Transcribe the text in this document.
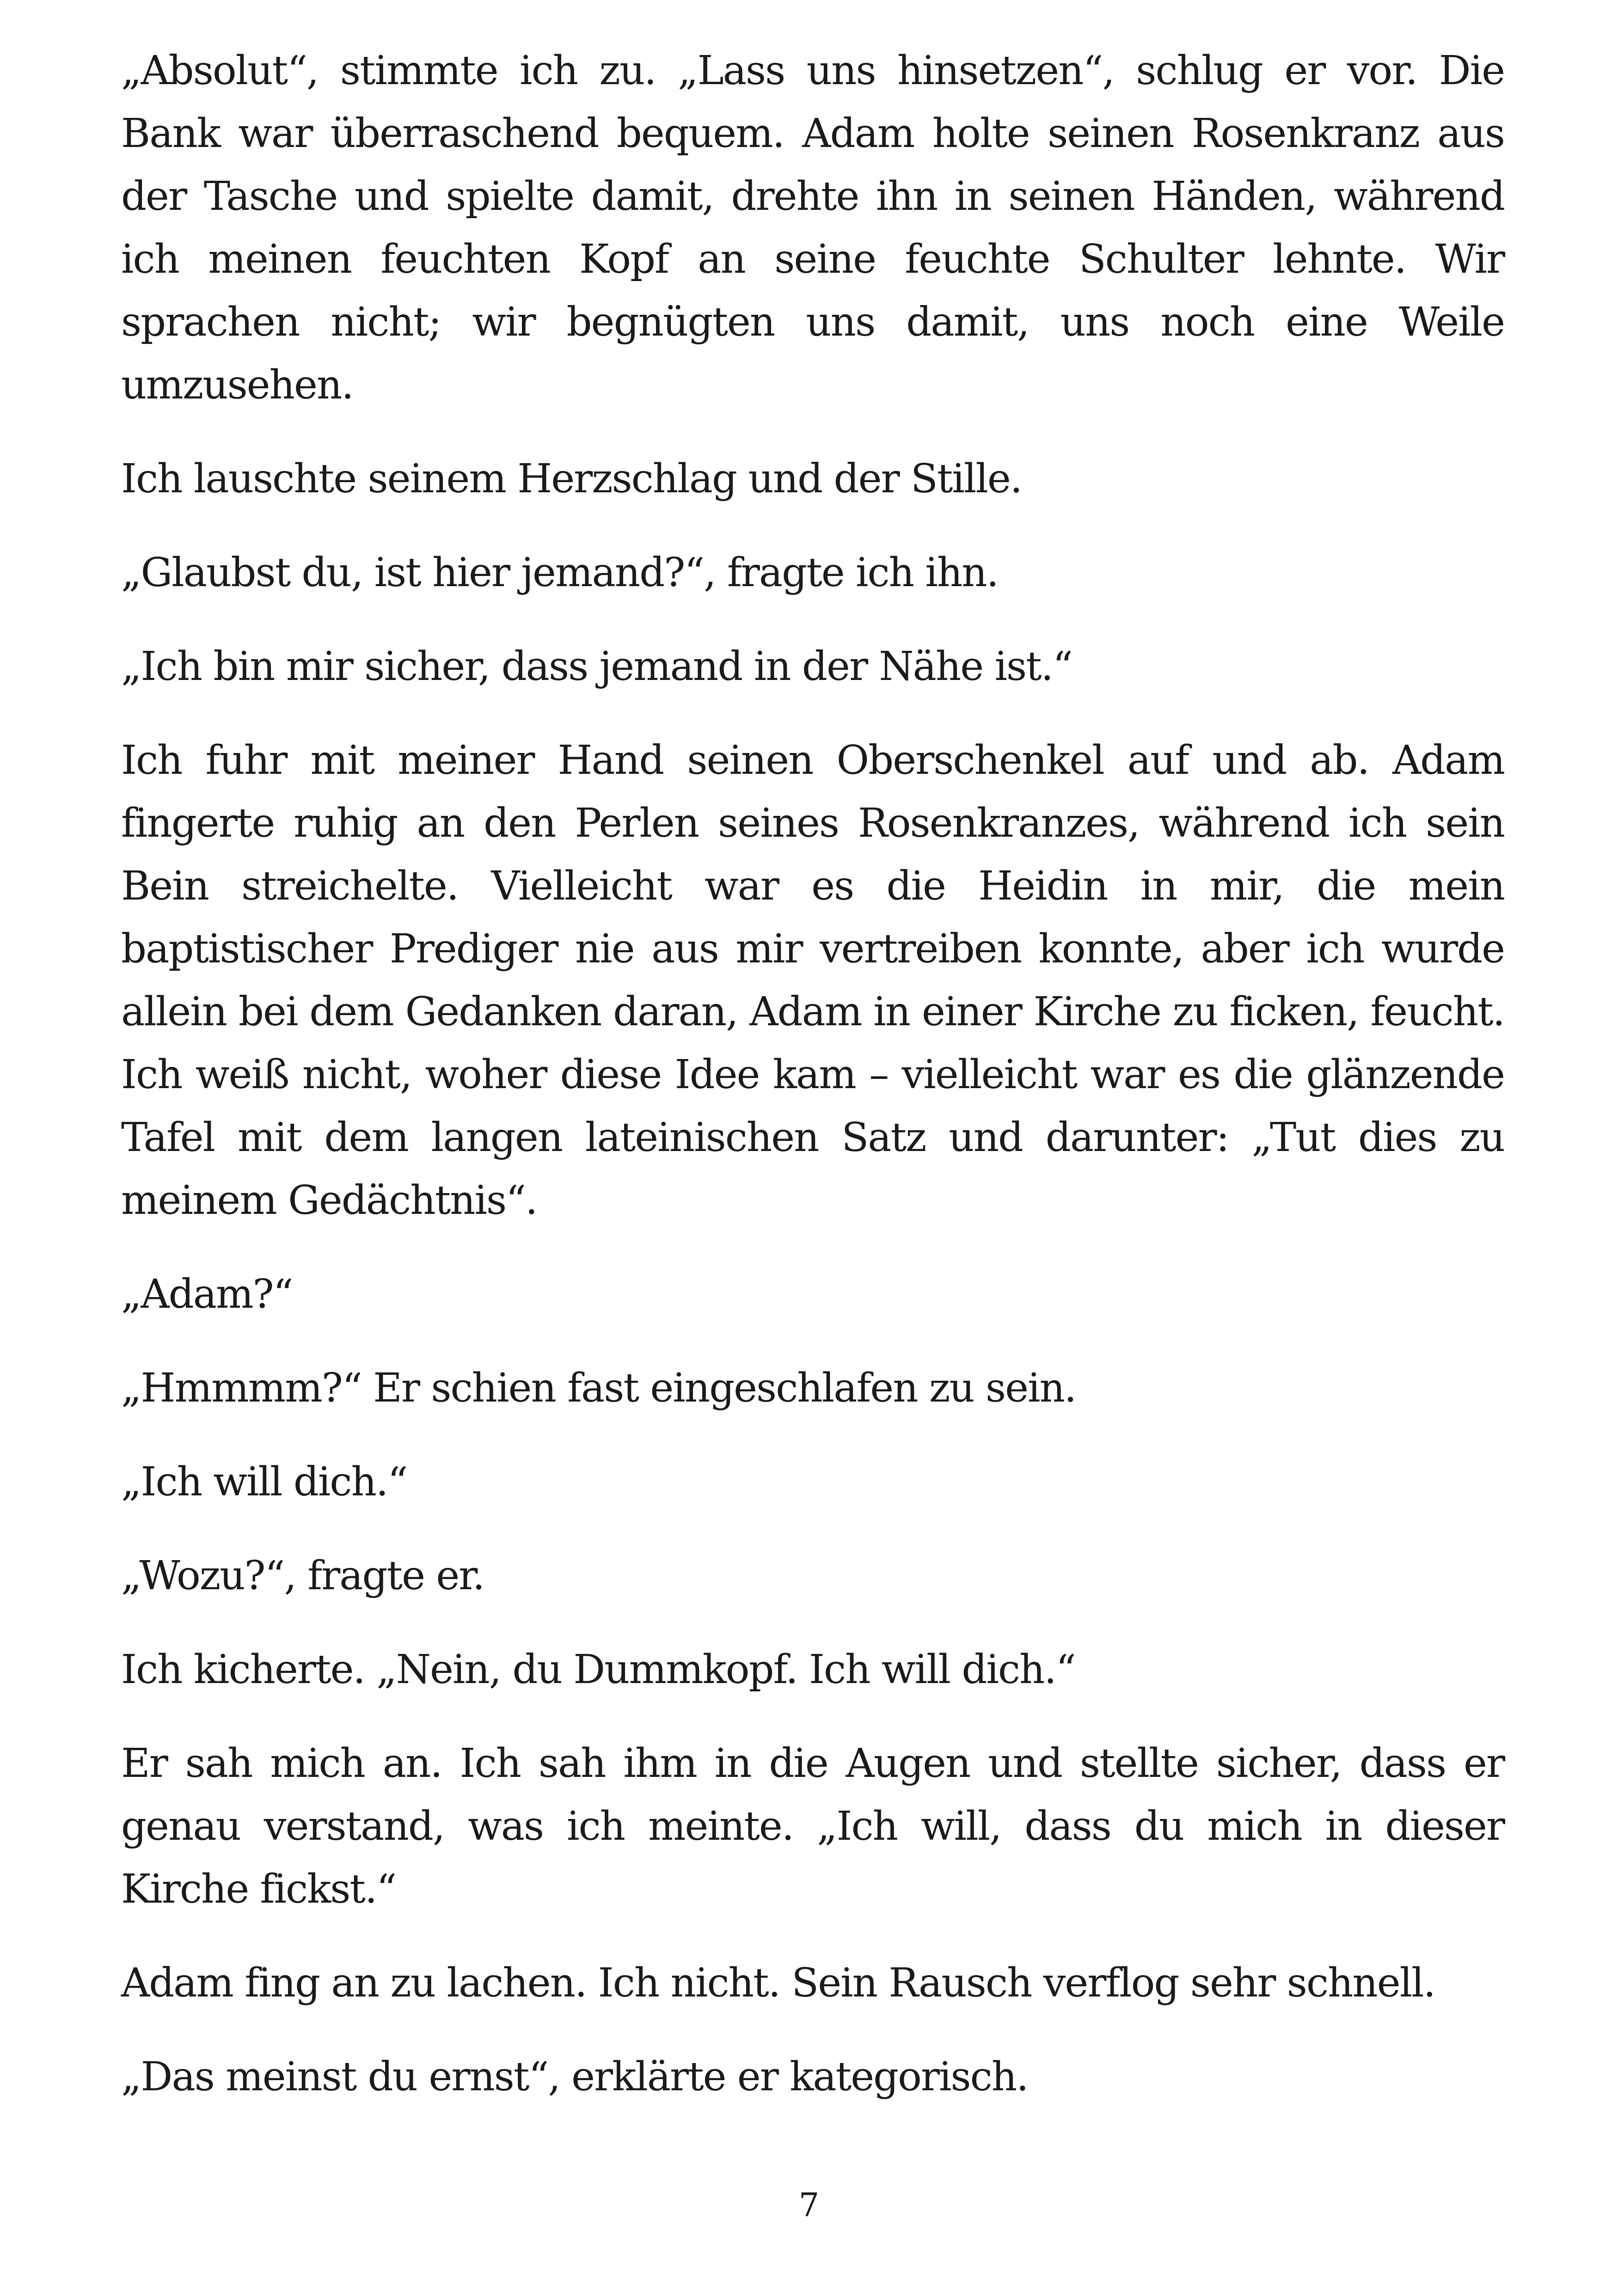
„Absolut“, stimmte ich zu. „Lass uns hinsetzen“, schlug er vor. Die Bank war überraschend bequem. Adam holte seinen Rosenkranz aus der Tasche und spielte damit, drehte ihn in seinen Händen, während ich meinen feuchten Kopf an seine feuchte Schulter lehnte. Wir sprachen nicht; wir begnügten uns damit, uns noch eine Weile umzusehen.

Ich lauschte seinem Herzschlag und der Stille.

„Glaubst du, ist hier jemand?“, fragte ich ihn.

„Ich bin mir sicher, dass jemand in der Nähe ist.“

Ich fuhr mit meiner Hand seinen Oberschenkel auf und ab. Adam fingerte ruhig an den Perlen seines Rosenkranzes, während ich sein Bein streichelte. Vielleicht war es die Heidin in mir, die mein baptistischer Prediger nie aus mir vertreiben konnte, aber ich wurde allein bei dem Gedanken daran, Adam in einer Kirche zu ficken, feucht. Ich weiß nicht, woher diese Idee kam – vielleicht war es die glänzende Tafel mit dem langen lateinischen Satz und darunter: „Tut dies zu meinem Gedächtnis“.

„Adam?“

„Hmmmm?“ Er schien fast eingeschlafen zu sein.

„Ich will dich.“

„Wozu?“, fragte er.

Ich kicherte. „Nein, du Dummkopf. Ich will dich.“

Er sah mich an. Ich sah ihm in die Augen und stellte sicher, dass er genau verstand, was ich meinte. „Ich will, dass du mich in dieser Kirche fickst.“

Adam fing an zu lachen. Ich nicht. Sein Rausch verflog sehr schnell.

„Das meinst du ernst“, erklärte er kategorisch.

7
